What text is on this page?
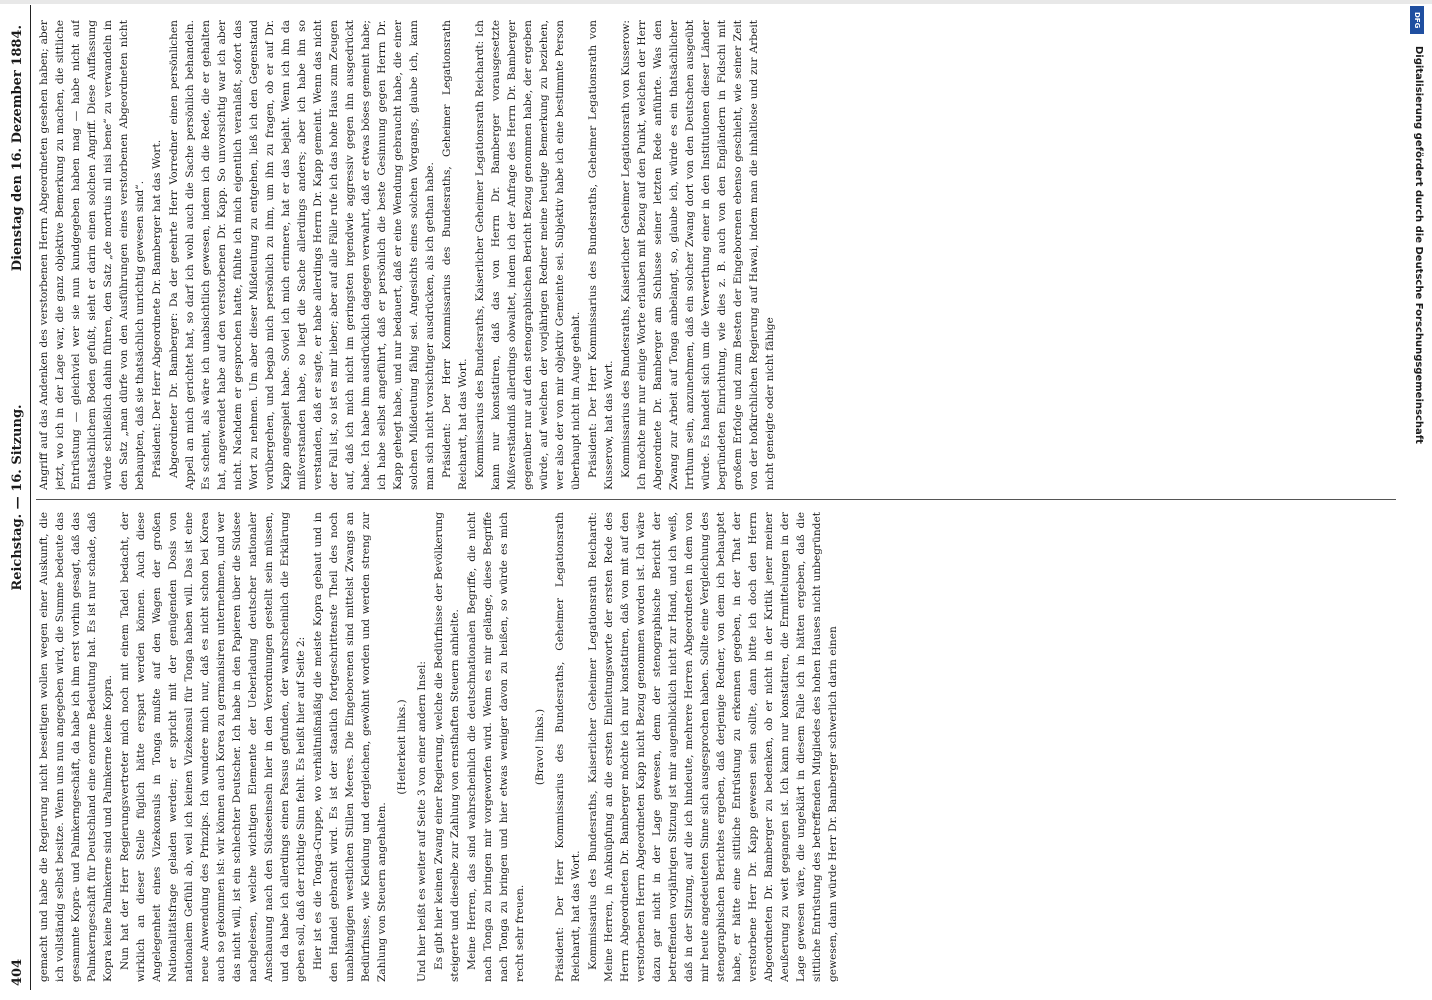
404
Reichstag. — 16. Sitzung.
Dienstag den 16. Dezember 1884.

gemacht und habe die Regierung nicht beseitigen wollen wegen einer Auskunft, die ich vollständig selbst besitze. Wenn uns nun angegeben wird, die Summe bedeute das gesammte Kopra- und Palmkerngeschäft, da habe ich ihm erst vorhin gesagt, daß das Palmkerngeschäft für Deutschland eine enorme Bedeutung hat. Es ist nur schade, daß Kopra keine Palmkerne sind und Palmkerne keine Kopra. Nun hat der Herr Regierungsvertreter mich noch mit einem Tadel bedacht, der wirklich an dieser Stelle füglich hätte erspart werden können. Auch diese Angelegenheit eines Vizekonsuls in Tonga mußte auf den Wagen der großen Nationalitätsfrage geladen werden; er spricht mit der genügenden Dosis von nationalem Gefühl ab, weil ich keinen Vizekonsul für Tonga haben will. Das ist eine neue Anwendung des Prinzips. Ich wundere mich nur, daß es nicht schon bei Korea auch so gekommen ist: wir können auch Korea zu germanisiren unternehmen, und wer das nicht will, ist ein schlechter Deutscher. Ich habe in den Papieren über die Südsee nachgelesen, welche wichtigen Elemente der Ueberladung deutscher nationaler Anschauung nach den Südseeinseln hier in den Verordnungen gestellt sein müssen, und da habe ich allerdings einen Passus gefunden, der wahrscheinlich die Erklärung geben soll, daß der richtige Sinn fehlt. Es heißt hier auf Seite 2: Hier ist es die Tonga-Gruppe, wo verhältnißmäßig die meiste Kopra gebaut und in den Handel gebracht wird. Es ist der staatlich fortgeschrittenste Theil des noch unabhängigen westlichen Stillen Meeres. Die Eingeborenen sind mittelst Zwangs an Bedürfnisse, wie Kleidung und dergleichen, gewöhnt worden und werden streng zur Zahlung von Steuern angehalten.

(Heiterkeit links.) Und hier heißt es weiter auf Seite 3 von einer andern Insel: Es gibt hier keinen Zwang einer Regierung, welche die Bedürfnisse der Bevölkerung steigerte und dieselbe zur Zahlung von ernsthaften Steuern anhielte. Meine Herren, das sind wahrscheinlich die deutschnationalen Begriffe, die nicht nach Tonga zu bringen mir vorgeworfen wird. Wenn es mir gelänge, diese Begriffe nach Tonga zu bringen und hier etwas weniger davon zu heißen, so würde es mich recht sehr freuen.

(Bravo! links.) Präsident: Der Herr Kommissarius des Bundesraths, Geheimer Legationsrath Reichardt, hat das Wort. Kommissarius des Bundesraths, Kaiserlicher Geheimer Legationsrath Reichardt: Meine Herren, in Anknüpfung an die ersten Einleitungsworte der ersten Rede des Herrn Abgeordneten Dr. Bamberger möchte ich nur konstatiren, daß von mit auf den verstorbenen Herrn Abgeordneten Kapp nicht Bezug genommen worden ist. Ich wäre dazu gar nicht in der Lage gewesen, denn der stenographische Bericht der betreffenden vorjährigen Sitzung ist mir augenblicklich nicht zur Hand, und ich weiß, daß in der Sitzung, auf die ich hindeute, mehrere Herren Abgeordneten in dem von mir heute angedeuteten Sinne sich ausgesprochen haben. Sollte eine Vergleichung des stenographischen Berichtes ergeben, daß derjenige Redner, von dem ich behauptet habe, er hätte eine sittliche Entrüstung zu erkennen gegeben, in der That der verstorbene Herr Dr. Kapp gewesen sein sollte, dann bitte ich doch den Herrn Abgeordneten Dr. Bamberger zu bedenken, ob er nicht in der Kritik jener meiner Aeußerung zu weit gegangen ist. Ich kann nur konstatiren, die Ermittelungen in der Lage gewesen wäre, die ungeklärt in diesem Falle ich in hätten ergeben, daß die sittliche Entrüstung des betreffenden Mitgliedes des hohen Hauses nicht unbegründet gewesen, dann würde Herr Dr. Bamberger schwerlich darin einen

Angriff auf das Andenken des verstorbenen Herrn Abgeordneten gesehen haben; aber jetzt, wo ich in der Lage war, die ganz objektive Bemerkung zu machen, die sittliche Entrüstung — gleichviel wer sie nun kundgegeben haben mag — habe nicht auf thatsächlichem Boden gefußt, sieht er darin einen solchen Angriff. Diese Auffassung würde schließlich dahin führen, den Satz „de mortuis nil nisi bene“ zu verwandeln in den Satz „man dürfe von den Ausführungen eines verstorbenen Abgeordneten nicht behaupten, daß sie thatsächlich unrichtig gewesen sind“. Präsident: Der Herr Abgeordnete Dr. Bamberger hat das Wort. Abgeordneter Dr. Bamberger: Da der geehrte Herr Vorredner einen persönlichen Appell an mich gerichtet hat, so darf ich wohl auch die Sache persönlich behandeln. Es scheint, als wäre ich unabsichtlich gewesen, indem ich die Rede, die er gehalten hat, angewendet habe auf den verstorbenen Dr. Kapp. So unvorsichtig war ich aber nicht. Nachdem er gesprochen hatte, fühlte ich mich eigentlich veranlaßt, sofort das Wort zu nehmen. Um aber dieser Mißdeutung zu entgehen, ließ ich den Gegenstand vorübergehen, und begab mich persönlich zu ihm, um ihn zu fragen, ob er auf Dr. Kapp angespielt habe. Soviel ich mich erinnere, hat er das bejaht. Wenn ich ihn da mißverstanden habe, so liegt die Sache allerdings anders; aber ich habe ihn so verstanden, daß er sagte, er habe allerdings Herrn Dr. Kapp gemeint. Wenn das nicht der Fall ist, so ist es mir lieber; aber auf alle Fälle rufe ich das hohe Haus zum Zeugen auf, daß ich mich nicht im geringsten irgendwie aggressiv gegen ihn ausgedrückt habe. Ich habe ihm ausdrücklich dagegen verwahrt, daß er etwas böses gemeint habe; ich habe selbst angeführt, daß er persönlich die beste Gesinnung gegen Herrn Dr. Kapp gehegt habe, und nur bedauert, daß er eine Wendung gebraucht habe, die einer solchen Mißdeutung fähig sei. Angesichts eines solchen Vorgangs, glaube ich, kann man sich nicht vorsichtiger ausdrücken, als ich gethan habe. Präsident: Der Herr Kommissarius des Bundesraths, Geheimer Legationsrath Reichardt, hat das Wort. Kommissarius des Bundesraths, Kaiserlicher Geheimer Legationsrath Reichardt: Ich kann nur konstatiren, daß das von Herrn Dr. Bamberger vorausgesetzte Mißverständniß allerdings obwaltet, indem ich der Anfrage des Herrn Dr. Bamberger gegenüber nur auf den stenographischen Bericht Bezug genommen habe, der ergeben würde, auf welchen der vorjährigen Redner meine heutige Bemerkung zu beziehen, wer also der von mir objektiv Gemeinte sei. Subjektiv habe ich eine bestimmte Person überhaupt nicht im Auge gehabt. Präsident: Der Herr Kommissarius des Bundesraths, Geheimer Legationsrath von Kusserow, hat das Wort. Kommissarius des Bundesraths, Kaiserlicher Geheimer Legationsrath von Kusserow: Ich möchte mir nur einige Worte erlauben mit Bezug auf den Punkt, welchen der Herr Abgeordnete Dr. Bamberger am Schlusse seiner letzten Rede anführte. Was den Zwang zur Arbeit auf Tonga anbelangt, so, glaube ich, würde es ein thatsächlicher Irrthum sein, anzunehmen, daß ein solcher Zwang dort von den Deutschen ausgeübt würde. Es handelt sich um die Verwerthung einer in den Institutionen dieser Länder begründeten Einrichtung, wie dies z. B. auch von den Engländern in Fidschi mit großem Erfolge und zum Besten der Eingeborenen ebenso geschieht, wie seiner Zeit von der hofkirchlichen Regierung auf Hawai, indem man die inhaltlose und zur Arbeit nicht geneigte oder nicht fähige

DFG
Digitalisierung gefördert durch die Deutsche Forschungsgemeinschaft
